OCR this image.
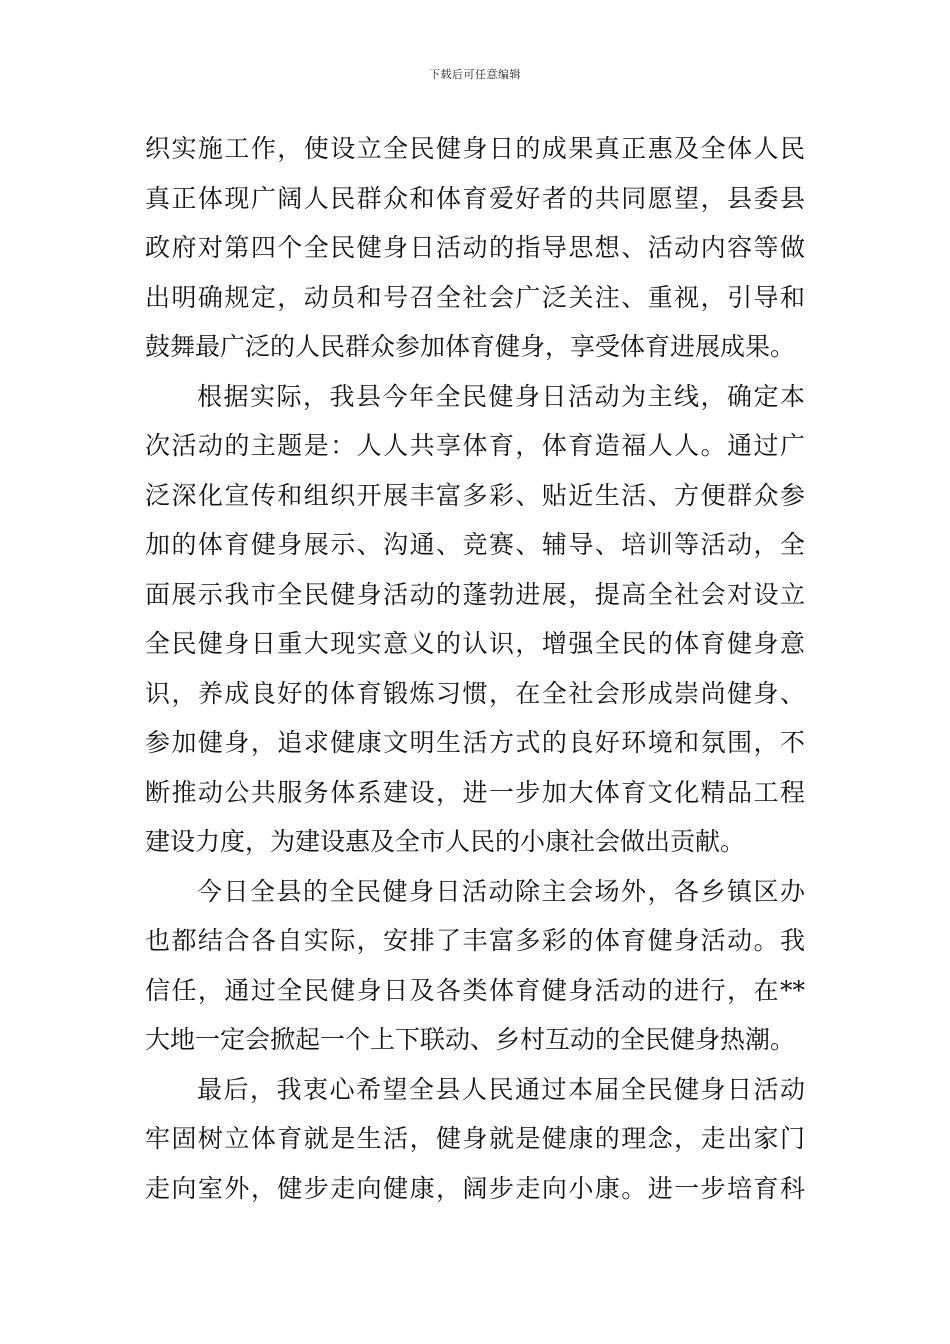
下载后可任意编辑
织实施工作，使设立全民健身日的成果真正惠及全体人民
真正体现广阔人民群众和体育爱好者的共同愿望，县委县
政府对第四个全民健身日活动的指导思想、活动内容等做
出明确规定，动员和号召全社会广泛关注、重视，引导和
鼓舞最广泛的人民群众参加体育健身，享受体育进展成果。
根据实际，我县今年全民健身日活动为主线，确定本
次活动的主题是：人人共享体育，体育造福人人。通过广
泛深化宣传和组织开展丰富多彩、贴近生活、方便群众参
加的体育健身展示、沟通、竞赛、辅导、培训等活动，全
面展示我市全民健身活动的蓬勃进展，提高全社会对设立
全民健身日重大现实意义的认识，增强全民的体育健身意
识，养成良好的体育锻炼习惯，在全社会形成崇尚健身、
参加健身，追求健康文明生活方式的良好环境和氛围，不
断推动公共服务体系建设，进一步加大体育文化精品工程
建设力度，为建设惠及全市人民的小康社会做出贡献。
今日全县的全民健身日活动除主会场外，各乡镇区办
也都结合各自实际，安排了丰富多彩的体育健身活动。我
信任，通过全民健身日及各类体育健身活动的进行，在**
大地一定会掀起一个上下联动、乡村互动的全民健身热潮。
最后，我衷心希望全县人民通过本届全民健身日活动
牢固树立体育就是生活，健身就是健康的理念，走出家门
走向室外，健步走向健康，阔步走向小康。进一步培育科
